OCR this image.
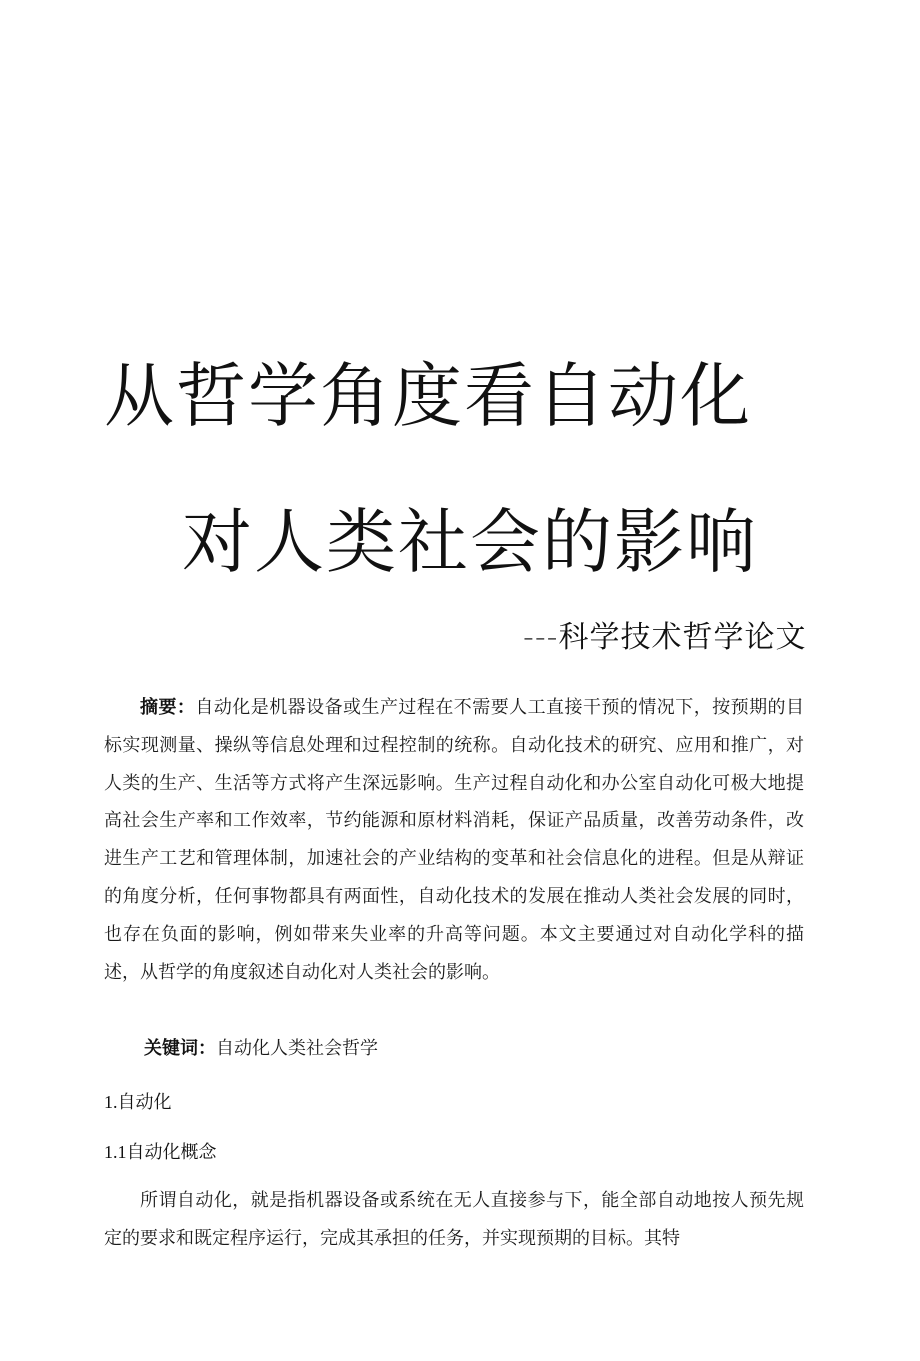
从哲学角度看自动化
对人类社会的影响
---科学技术哲学论文
摘要：自动化是机器设备或生产过程在不需要人工直接干预的情况下，按预期的目标实现测量、操纵等信息处理和过程控制的统称。自动化技术的研究、应用和推广，对人类的生产、生活等方式将产生深远影响。生产过程自动化和办公室自动化可极大地提高社会生产率和工作效率，节约能源和原材料消耗，保证产品质量，改善劳动条件，改进生产工艺和管理体制，加速社会的产业结构的变革和社会信息化的进程。但是从辩证的角度分析，任何事物都具有两面性，自动化技术的发展在推动人类社会发展的同时，也存在负面的影响，例如带来失业率的升高等问题。本文主要通过对自动化学科的描述，从哲学的角度叙述自动化对人类社会的影响。
关键词：自动化人类社会哲学
1.自动化
1.1自动化概念
所谓自动化，就是指机器设备或系统在无人直接参与下，能全部自动地按人预先规定的要求和既定程序运行，完成其承担的任务，并实现预期的目标。其特
